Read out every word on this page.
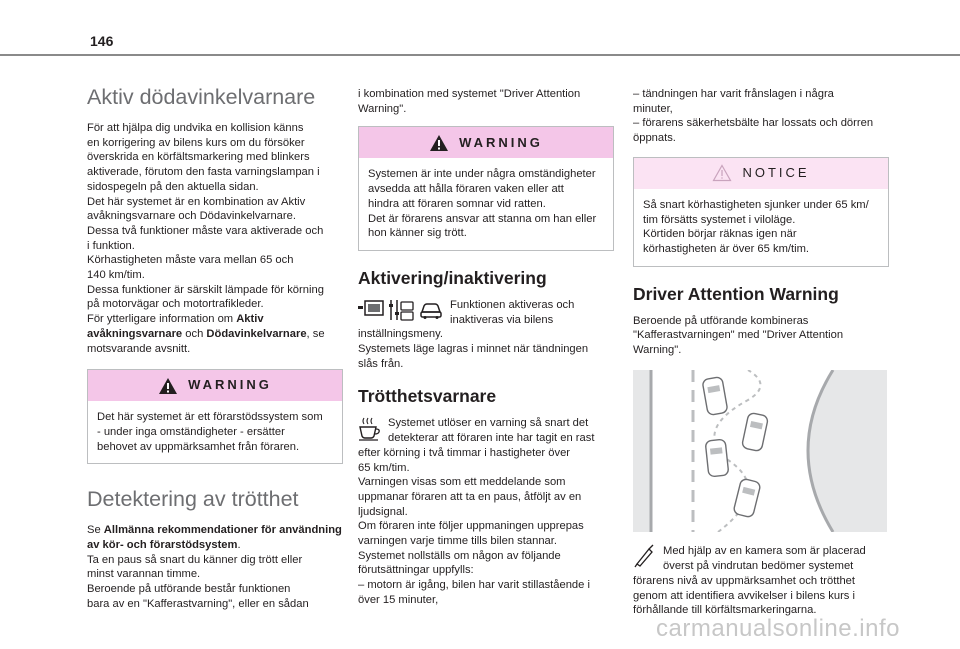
146
Aktiv dödavinkelvarnare
För att hjälpa dig undvika en kollision känns
en korrigering av bilens kurs om du försöker
överskrida en körfältsmarkering med blinkers
aktiverade, förutom den fasta varningslampan i
sidospegeln på den aktuella sidan.
Det här systemet är en kombination av Aktiv
avåkningsvarnare och Dödavinkelvarnare.
Dessa två funktioner måste vara aktiverade och
i funktion.
Körhastigheten måste vara mellan 65 och
140 km/tim.
Dessa funktioner är särskilt lämpade för körning
på motorvägar och motortrafikleder.

För ytterligare information om Aktiv avåkningsvarnare och Dödavinkelvarnare, se motsvarande avsnitt.

WARNING
Det här systemet är ett förarstödssystem som
- under inga omständigheter - ersätter
behovet av uppmärksamhet från föraren.
Detektering av trötthet

Se Allmänna rekommendationer för användning av kör- och förarstödsystem.

Ta en paus så snart du känner dig trött eller
minst varannan timme.
Beroende på utförande består funktionen
bara av en "Kafferastvarning", eller en sådan
i kombination med systemet "Driver Attention
Warning".
WARNING
Systemen är inte under några omständigheter
avsedda att hålla föraren vaken eller att
hindra att föraren somnar vid ratten.
Det är förarens ansvar att stanna om han eller
hon känner sig trött.
Aktivering/inaktivering
Funktionen aktiveras och
inaktiveras via bilens
inställningsmeny.
Systemets läge lagras i minnet när tändningen
slås från.
Trötthetsvarnare
Systemet utlöser en varning så snart det
detekterar att föraren inte har tagit en rast
efter körning i två timmar i hastigheter över
65 km/tim.
Varningen visas som ett meddelande som
uppmanar föraren att ta en paus, åtföljt av en
ljudsignal.
Om föraren inte följer uppmaningen upprepas
varningen varje timme tills bilen stannar.
Systemet nollställs om någon av följande
förutsättningar uppfylls:
– motorn är igång, bilen har varit stillastående i
över 15 minuter,
– tändningen har varit frånslagen i några
minuter,
– förarens säkerhetsbälte har lossats och dörren
öppnats.
NOTICE
Så snart körhastigheten sjunker under 65 km/
tim försätts systemet i viloläge.
Körtiden börjar räknas igen när
körhastigheten är över 65 km/tim.
Driver Attention Warning
Beroende på utförande kombineras
"Kafferastvarningen" med "Driver Attention
Warning".
Med hjälp av en kamera som är placerad
överst på vindrutan bedömer systemet
förarens nivå av uppmärksamhet och trötthet
genom att identifiera avvikelser i bilens kurs i
förhållande till körfältsmarkeringarna.
carmanualsonline.info
